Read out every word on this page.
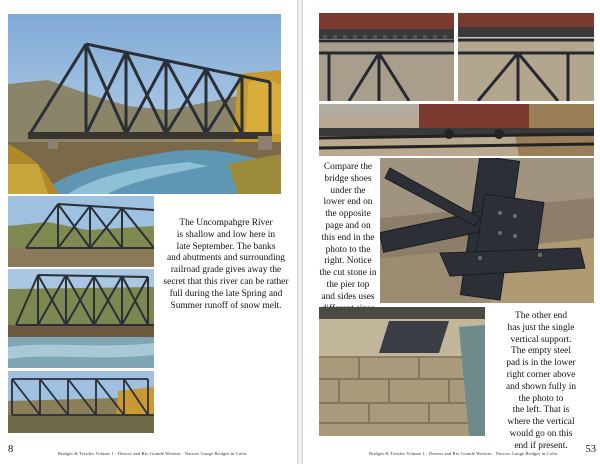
The Uncompahgre River
is shallow and low here in
late September. The banks
and abutments and surrounding
railroad grade gives away the
secret that this river can be rather
full during the late Spring and
Summer runoff of snow melt.

8	Bridges & Trestles Volume 1 · Denver and Rio Grande Western · Narrow Gauge Bridges in Color

Compare the
bridge shoes
under the
lower end on
the opposite
page and on
this end in the
photo to the
right. Notice
the cut stone in
the pier top
and sides uses

The other end
has just the single
vertical support.
The empty steel
pad is in the lower
right corner above
and shown fully in
the photo to
the left. That is
where the vertical
would go on this
end if present.

Bridges & Trestles Volume 1 · Denver and Rio Grande Western · Narrow Gauge Bridges in Color	53
